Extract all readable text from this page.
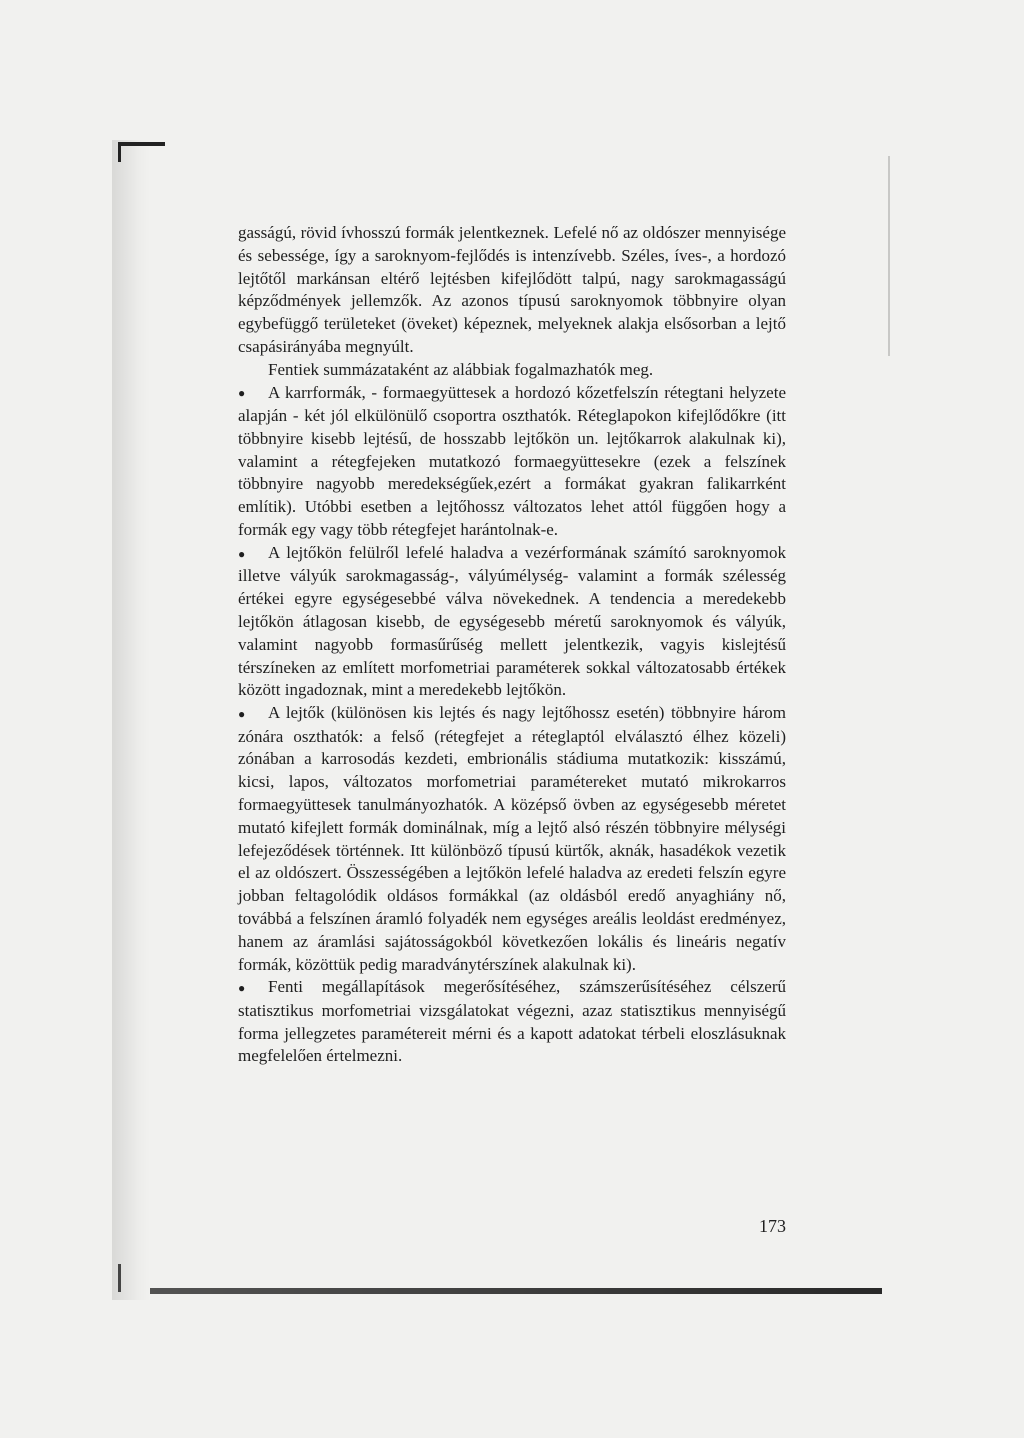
gasságú, rövid ívhosszú formák jelentkeznek. Lefelé nő az oldószer mennyisége és sebessége, így a saroknyom-fejlődés is intenzívebb. Széles, íves-, a hordozó lejtőtől markánsan eltérő lejtésben kifejlődött talpú, nagy sarokmagasságú képződmények jellemzők. Az azonos típusú saroknyomok többnyire olyan egybefüggő területeket (öveket) képeznek, melyeknek alakja elsősorban a lejtő csapásirányába megnyúlt.

Fentiek summázataként az alábbiak fogalmazhatók meg.

● A karrformák, - formaegyüttesek a hordozó kőzetfelszín rétegtani helyzete alapján - két jól elkülönülő csoportra oszthatók. Réteglapokon kifejlődőkre (itt többnyire kisebb lejtésű, de hosszabb lejtőkön un. lejtőkarrok alakulnak ki), valamint a rétegfejeken mutatkozó formaegyüttesekre (ezek a felszínek többnyire nagyobb meredekségűek,ezért a formákat gyakran falikarrként említik). Utóbbi esetben a lejtőhossz változatos lehet attól függően hogy a formák egy vagy több rétegfejet harántolnak-e.

● A lejtőkön felülről lefelé haladva a vezérformának számító saroknyomok illetve vályúk sarokmagasság-, vályúmélység- valamint a formák szélesség értékei egyre egységesebbé válva növekednek. A tendencia a meredekebb lejtőkön átlagosan kisebb, de egységesebb méretű saroknyomok és vályúk, valamint nagyobb formasűrűség mellett jelentkezik, vagyis kislejtésű térszíneken az említett morfometriai paraméterek sokkal változatosabb értékek között ingadoznak, mint a meredekebb lejtőkön.

● A lejtők (különösen kis lejtés és nagy lejtőhossz esetén) többnyire három zónára oszthatók: a felső (rétegfejet a réteglaptól elválasztó élhez közeli) zónában a karrosodás kezdeti, embrionális stádiuma mutatkozik: kisszámú, kicsi, lapos, változatos morfometriai paramétereket mutató mikrokarros formaegyüttesek tanulmányozhatók. A középső övben az egységesebb méretet mutató kifejlett formák dominálnak, míg a lejtő alsó részén többnyire mélységi lefejeződések történnek. Itt különböző típusú kürtők, aknák, hasadékok vezetik el az oldószert. Összességében a lejtőkön lefelé haladva az eredeti felszín egyre jobban feltagolódik oldásos formákkal (az oldásból eredő anyaghiány nő, továbbá a felszínen áramló folyadék nem egységes areális leoldást eredményez, hanem az áramlási sajátosságokból következően lokális és lineáris negatív formák, közöttük pedig maradványtérszínek alakulnak ki).

● Fenti megállapítások megerősítéséhez, számszerűsítéséhez célszerű statisztikus morfometriai vizsgálatokat végezni, azaz statisztikus mennyiségű forma jellegzetes paramétereit mérni és a kapott adatokat térbeli eloszlásuknak megfelelően értelmezni.

173
